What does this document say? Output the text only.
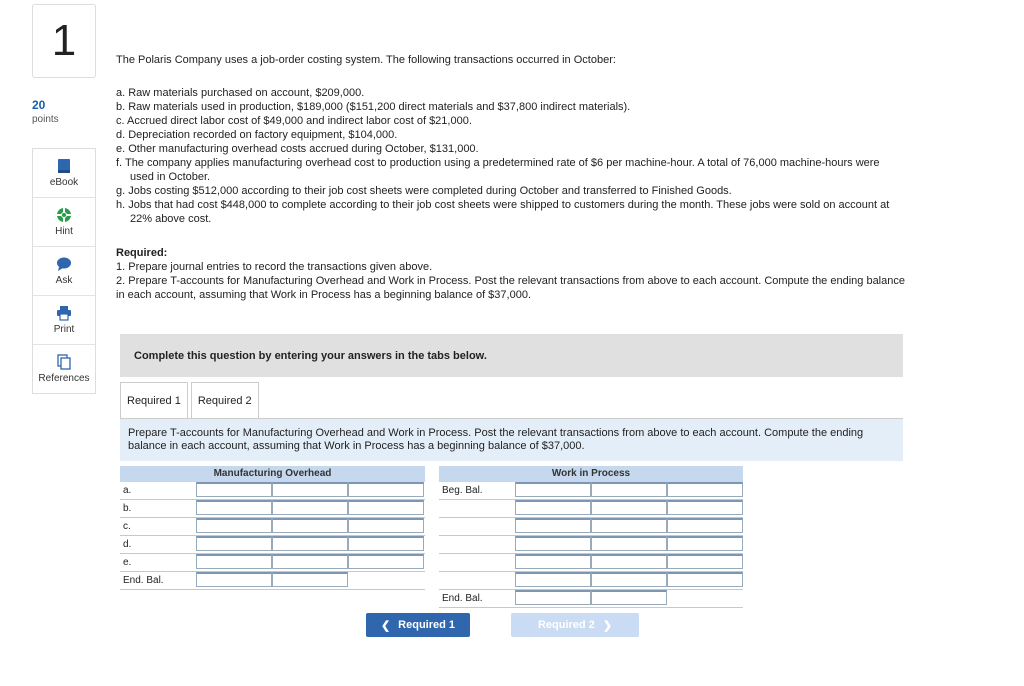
1
20
points
eBook
Hint
Ask
Print
References

The Polaris Company uses a job-order costing system. The following transactions occurred in October:

a. Raw materials purchased on account, $209,000.
b. Raw materials used in production, $189,000 ($151,200 direct materials and $37,800 indirect materials).
c. Accrued direct labor cost of $49,000 and indirect labor cost of $21,000.
d. Depreciation recorded on factory equipment, $104,000.
e. Other manufacturing overhead costs accrued during October, $131,000.
f. The company applies manufacturing overhead cost to production using a predetermined rate of $6 per machine-hour. A total of 76,000 machine-hours were used in October.
g. Jobs costing $512,000 according to their job cost sheets were completed during October and transferred to Finished Goods.
h. Jobs that had cost $448,000 to complete according to their job cost sheets were shipped to customers during the month. These jobs were sold on account at 22% above cost.
Required:
1. Prepare journal entries to record the transactions given above.
2. Prepare T-accounts for Manufacturing Overhead and Work in Process. Post the relevant transactions from above to each account. Compute the ending balance in each account, assuming that Work in Process has a beginning balance of $37,000.
Complete this question by entering your answers in the tabs below.
Required 1	Required 2
Prepare T-accounts for Manufacturing Overhead and Work in Process. Post the relevant transactions from above to each account. Compute the ending balance in each account, assuming that Work in Process has a beginning balance of $37,000.
Manufacturing Overhead
a.
b.
c.
d.
e.
End. Bal.
Work in Process
Beg. Bal.
End. Bal.
❮ Required 1	Required 2 ❯
